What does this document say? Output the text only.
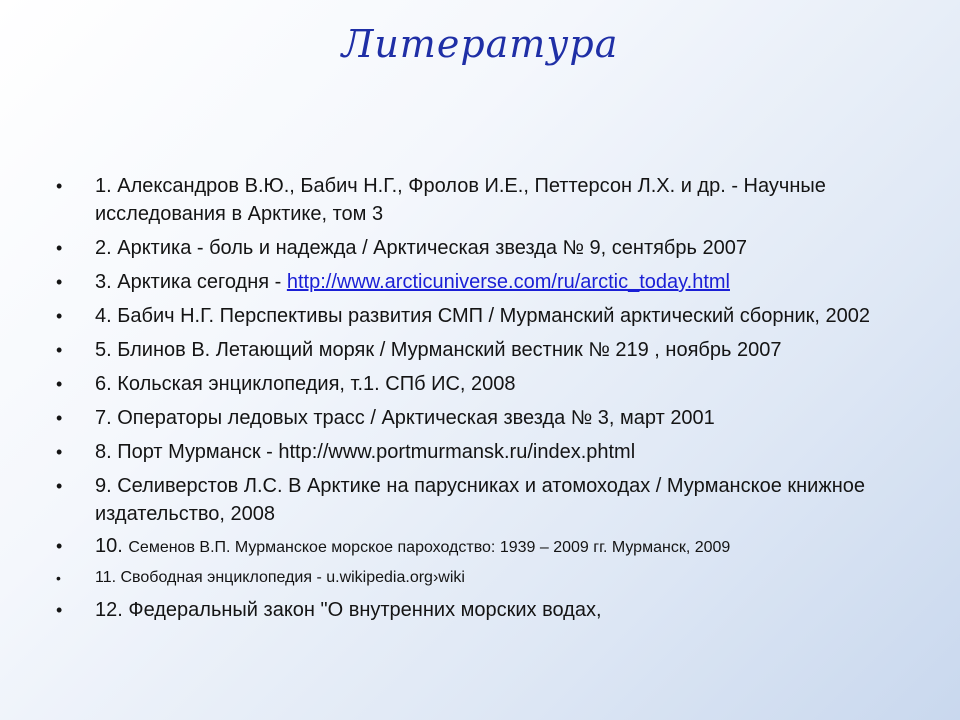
Литература
• 1. Александров В.Ю., Бабич Н.Г., Фролов И.Е., Петтерсон Л.Х. и др. - Научные исследования в Арктике, том 3
• 2. Арктика - боль и надежда / Арктическая звезда № 9, сентябрь 2007
• 3. Арктика сегодня - http://www.arcticuniverse.com/ru/arctic_today.html
• 4. Бабич Н.Г. Перспективы развития СМП / Мурманский арктический сборник, 2002
• 5. Блинов В. Летающий моряк / Мурманский вестник № 219 , ноябрь 2007
• 6. Кольская энциклопедия, т.1. СПб ИС, 2008
• 7. Операторы ледовых трасс / Арктическая звезда № 3, март 2001
• 8. Порт Мурманск - http://www.portmurmansk.ru/index.phtml
• 9. Селиверстов Л.С. В Арктике на парусниках и атомоходах / Мурманское книжное издательство, 2008
• 10. Семенов В.П. Мурманское морское пароходство: 1939 – 2009 гг. Мурманск, 2009
• 11. Свободная энциклопедия - u.wikipedia.org›wiki
• 12. Федеральный закон "О внутренних морских водах,
